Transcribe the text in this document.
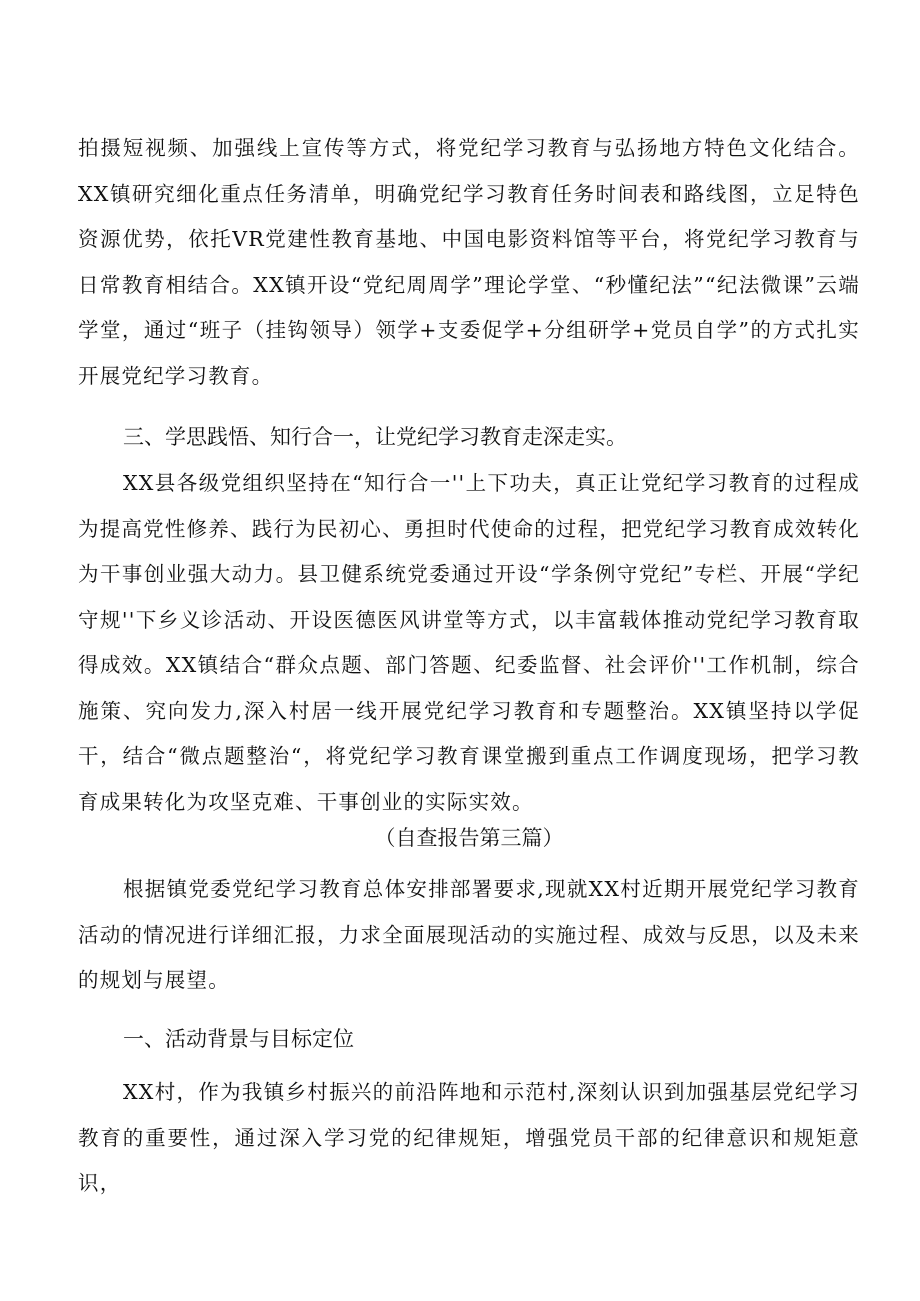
拍摄短视频、加强线上宣传等方式，将党纪学习教育与弘扬地方特色文化结合。XX镇研究细化重点任务清单，明确党纪学习教育任务时间表和路线图，立足特色资源优势，依托VR党建性教育基地、中国电影资料馆等平台，将党纪学习教育与日常教育相结合。XX镇开设“党纪周周学”理论学堂、“秒懂纪法”“纪法微课”云端学堂，通过“班子（挂钩领导）领学+支委促学+分组研学+党员自学”的方式扎实开展党纪学习教育。

三、学思践悟、知行合一，让党纪学习教育走深走实。

XX县各级党组织坚持在“知行合一''上下功夫，真正让党纪学习教育的过程成为提高党性修养、践行为民初心、勇担时代使命的过程，把党纪学习教育成效转化为干事创业强大动力。县卫健系统党委通过开设“学条例守党纪”专栏、开展“学纪守规''下乡义诊活动、开设医德医风讲堂等方式，以丰富载体推动党纪学习教育取得成效。XX镇结合“群众点题、部门答题、纪委监督、社会评价''工作机制，综合施策、究向发力,深入村居一线开展党纪学习教育和专题整治。XX镇坚持以学促干，结合“微点题整治“，将党纪学习教育课堂搬到重点工作调度现场，把学习教育成果转化为攻坚克难、干事创业的实际实效。

（自查报告第三篇）

根据镇党委党纪学习教育总体安排部署要求,现就XX村近期开展党纪学习教育活动的情况进行详细汇报，力求全面展现活动的实施过程、成效与反思，以及未来的规划与展望。

一、活动背景与目标定位

XX村，作为我镇乡村振兴的前沿阵地和示范村,深刻认识到加强基层党纪学习教育的重要性，通过深入学习党的纪律规矩，增强党员干部的纪律意识和规矩意识，
